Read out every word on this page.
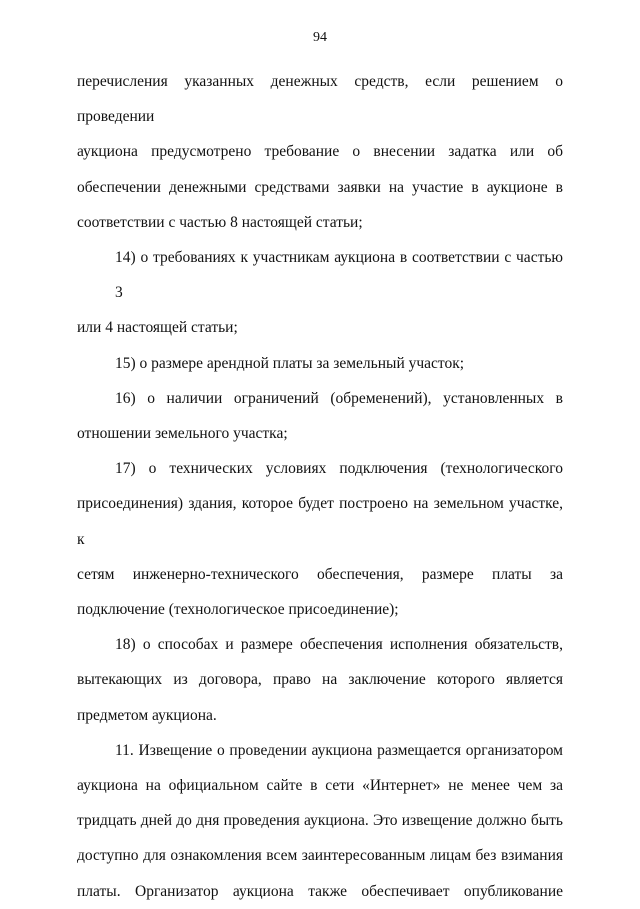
94

перечисления указанных денежных средств, если решением о проведении
аукциона предусмотрено требование о внесении задатка или об
обеспечении денежными средствами заявки на участие в аукционе в
соответствии с частью 8 настоящей статьи;

14) о требованиях к участникам аукциона в соответствии с частью 3
или 4 настоящей статьи;

15) о размере арендной платы за земельный участок;

16) о наличии ограничений (обременений), установленных в
отношении земельного участка;

17) о технических условиях подключения (технологического
присоединения) здания, которое будет построено на земельном участке, к
сетям инженерно-технического обеспечения, размере платы за
подключение (технологическое присоединение);

18) о способах и размере обеспечения исполнения обязательств,
вытекающих из договора, право на заключение которого является
предметом аукциона.

11. Извещение о проведении аукциона размещается организатором
аукциона на официальном сайте в сети «Интернет» не менее чем за
тридцать дней до дня проведения аукциона. Это извещение должно быть
доступно для ознакомления всем заинтересованным лицам без взимания
платы. Организатор аукциона также обеспечивает опубликование
